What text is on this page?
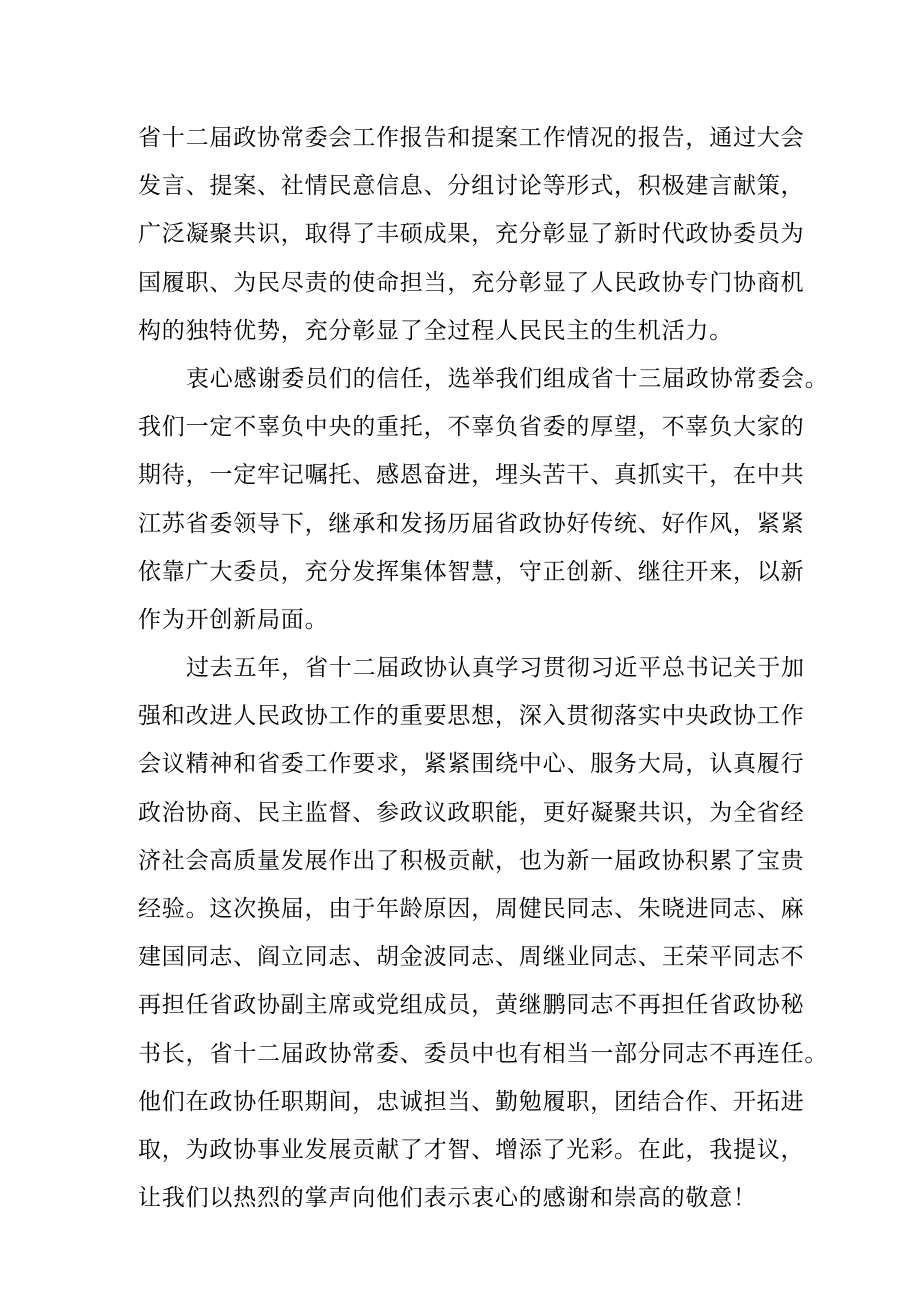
省十二届政协常委会工作报告和提案工作情况的报告，通过大会
发言、提案、社情民意信息、分组讨论等形式，积极建言献策，
广泛凝聚共识，取得了丰硕成果，充分彰显了新时代政协委员为
国履职、为民尽责的使命担当，充分彰显了人民政协专门协商机
构的独特优势，充分彰显了全过程人民民主的生机活力。
衷心感谢委员们的信任，选举我们组成省十三届政协常委会。
我们一定不辜负中央的重托，不辜负省委的厚望，不辜负大家的
期待，一定牢记嘱托、感恩奋进，埋头苦干、真抓实干，在中共
江苏省委领导下，继承和发扬历届省政协好传统、好作风，紧紧
依靠广大委员，充分发挥集体智慧，守正创新、继往开来，以新
作为开创新局面。
过去五年，省十二届政协认真学习贯彻习近平总书记关于加
强和改进人民政协工作的重要思想，深入贯彻落实中央政协工作
会议精神和省委工作要求，紧紧围绕中心、服务大局，认真履行
政治协商、民主监督、参政议政职能，更好凝聚共识，为全省经
济社会高质量发展作出了积极贡献，也为新一届政协积累了宝贵
经验。这次换届，由于年龄原因，周健民同志、朱晓进同志、麻
建国同志、阎立同志、胡金波同志、周继业同志、王荣平同志不
再担任省政协副主席或党组成员，黄继鹏同志不再担任省政协秘
书长，省十二届政协常委、委员中也有相当一部分同志不再连任。
他们在政协任职期间，忠诚担当、勤勉履职，团结合作、开拓进
取，为政协事业发展贡献了才智、增添了光彩。在此，我提议，
让我们以热烈的掌声向他们表示衷心的感谢和崇高的敬意！
